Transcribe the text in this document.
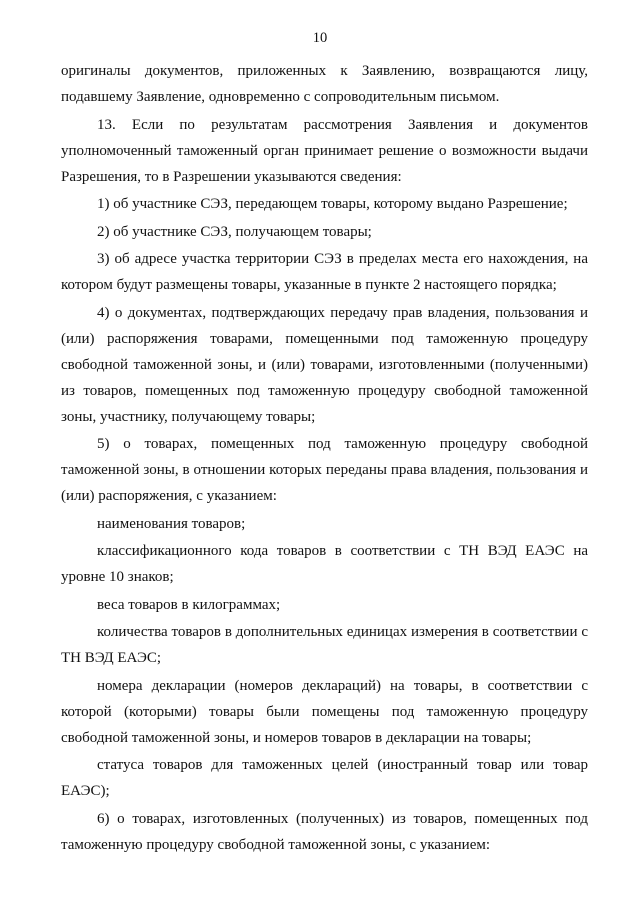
10

оригиналы документов, приложенных к Заявлению, возвращаются лицу, подавшему Заявление, одновременно с сопроводительным письмом.

13. Если по результатам рассмотрения Заявления и документов уполномоченный таможенный орган принимает решение о возможности выдачи Разрешения, то в Разрешении указываются сведения:

1) об участнике СЭЗ, передающем товары, которому выдано Разрешение;

2) об участнике СЭЗ, получающем товары;

3) об адресе участка территории СЭЗ в пределах места его нахождения, на котором будут размещены товары, указанные в пункте 2 настоящего порядка;

4) о документах, подтверждающих передачу прав владения, пользования и (или) распоряжения товарами, помещенными под таможенную процедуру свободной таможенной зоны, и (или) товарами, изготовленными (полученными) из товаров, помещенных под таможенную процедуру свободной таможенной зоны, участнику, получающему товары;

5) о товарах, помещенных под таможенную процедуру свободной таможенной зоны, в отношении которых переданы права владения, пользования и (или) распоряжения, с указанием:

наименования товаров;

классификационного кода товаров в соответствии с ТН ВЭД ЕАЭС на уровне 10 знаков;

веса товаров в килограммах;

количества товаров в дополнительных единицах измерения в соответствии с ТН ВЭД ЕАЭС;

номера декларации (номеров деклараций) на товары, в соответствии с которой (которыми) товары были помещены под таможенную процедуру свободной таможенной зоны, и номеров товаров в декларации на товары;

статуса товаров для таможенных целей (иностранный товар или товар ЕАЭС);

6) о товарах, изготовленных (полученных) из товаров, помещенных под таможенную процедуру свободной таможенной зоны, с указанием:
